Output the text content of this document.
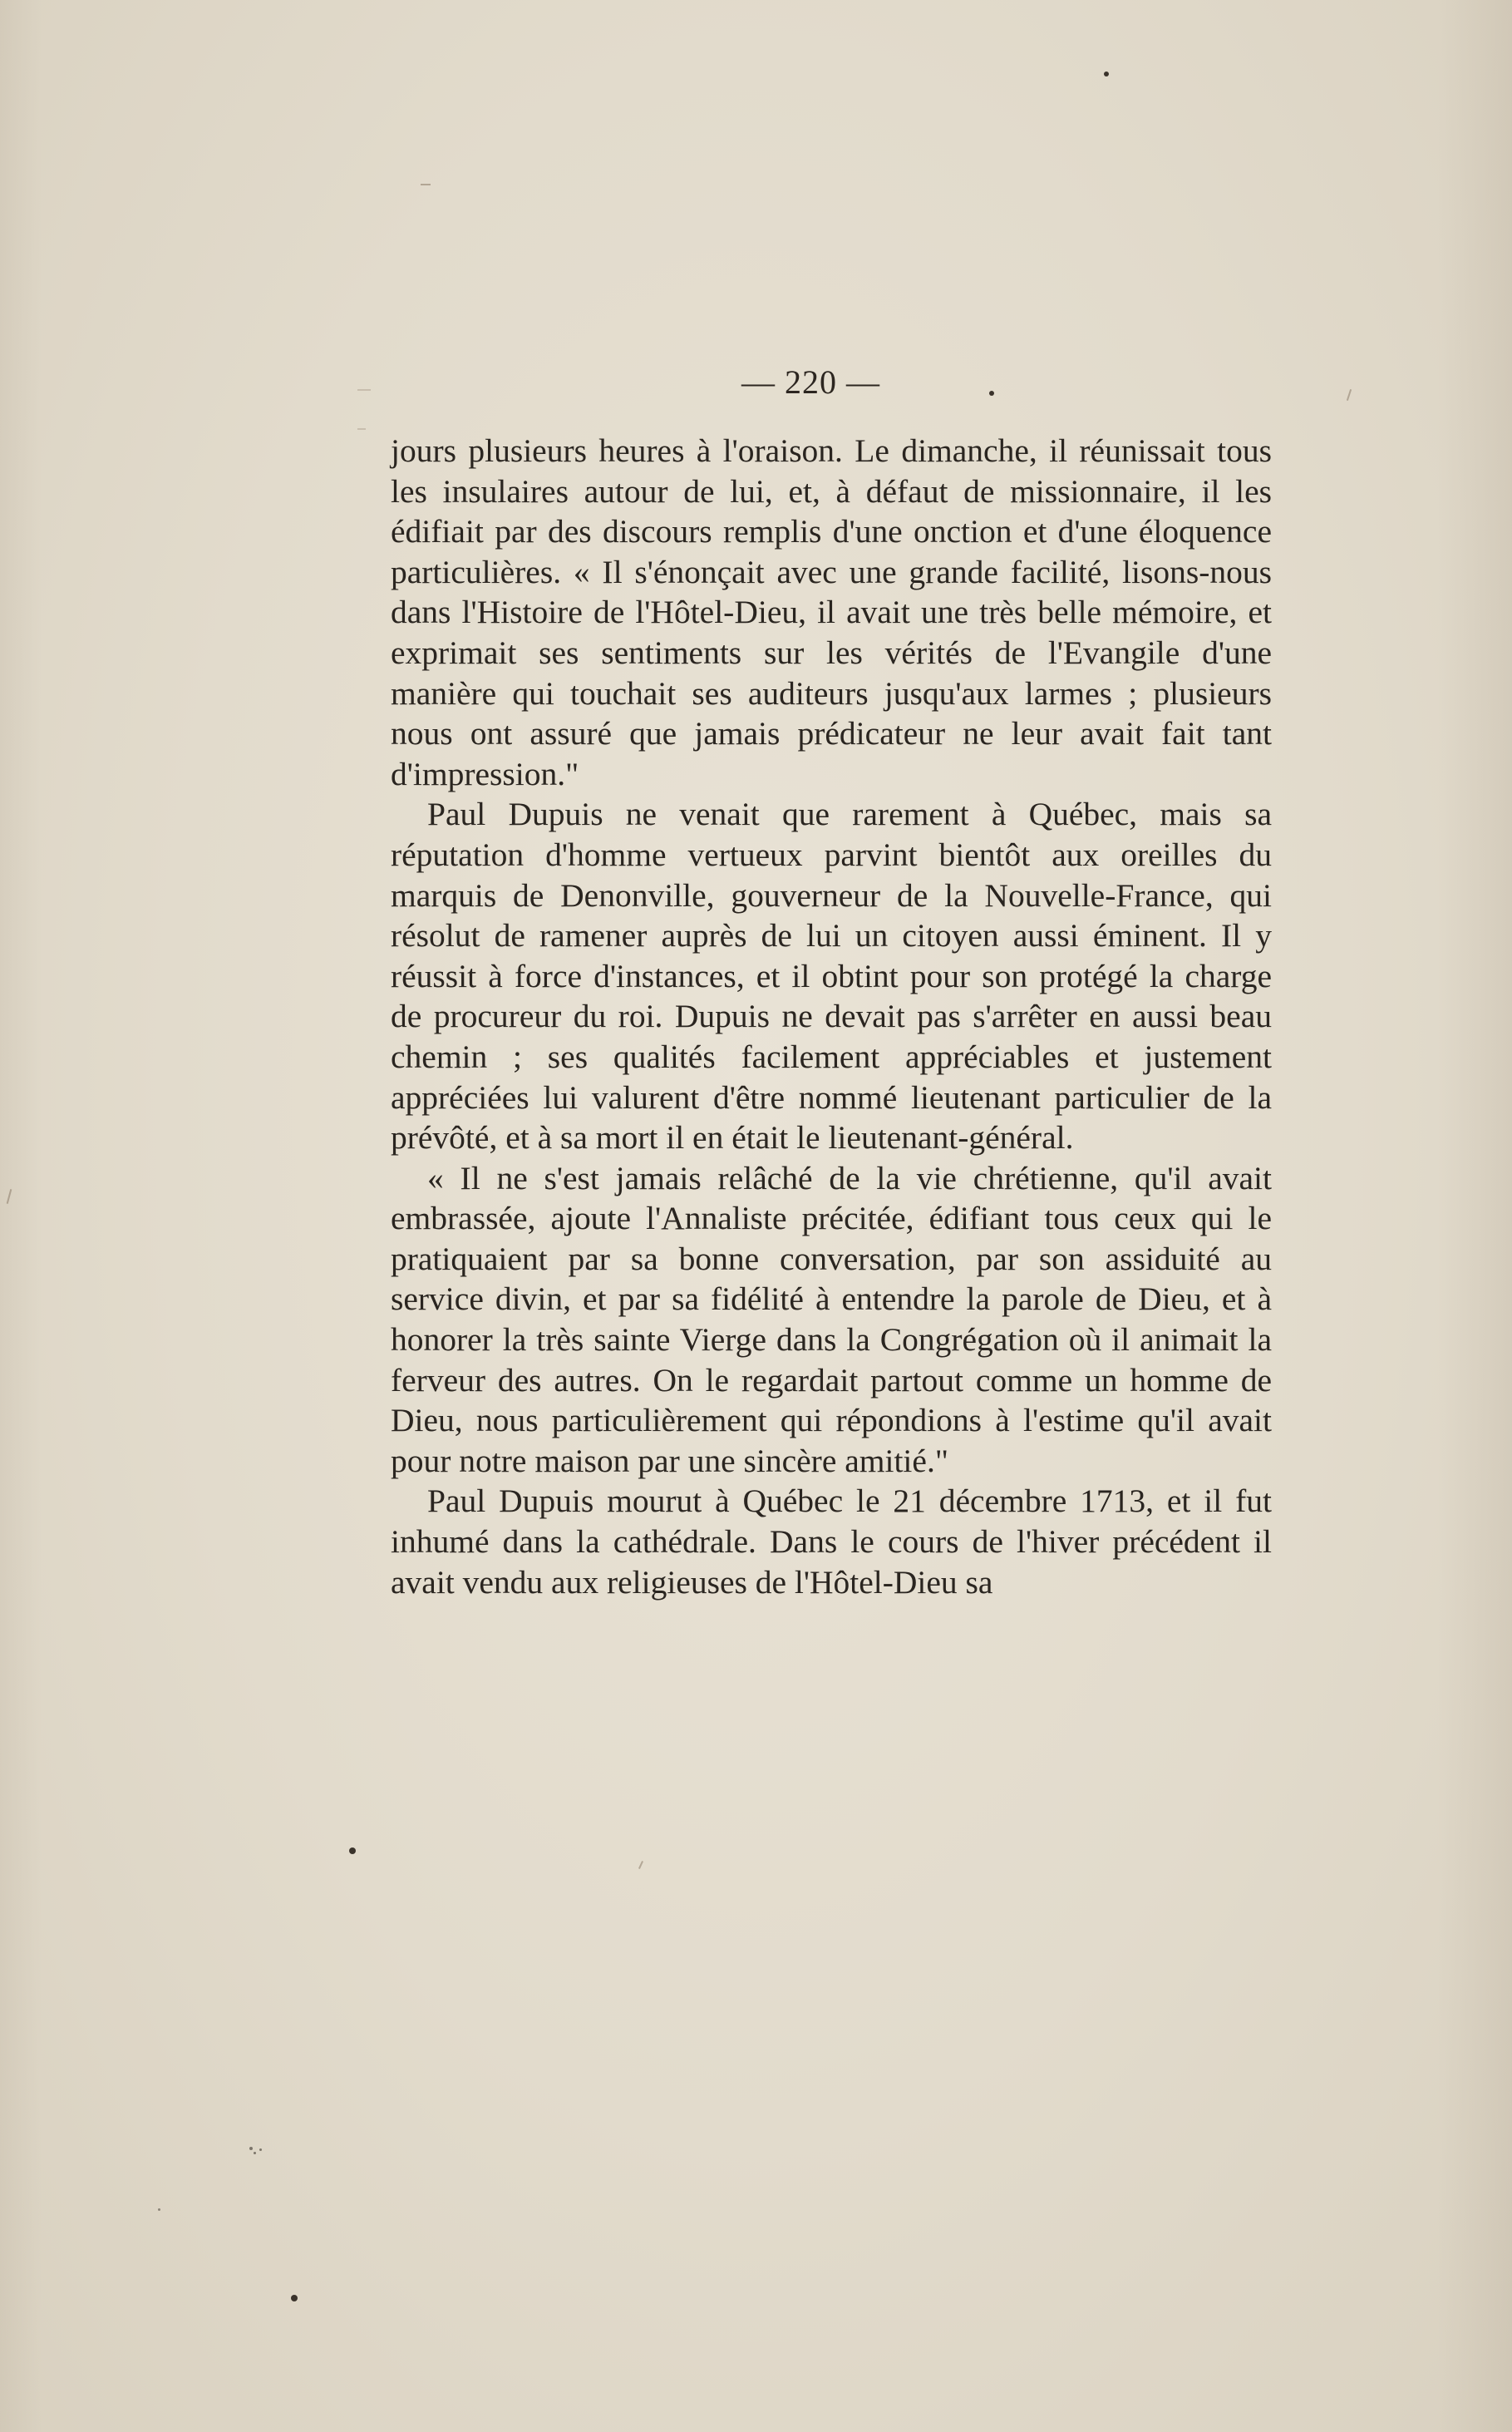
— 220 —

jours plusieurs heures à l'oraison. Le dimanche, il réunissait tous les insulaires autour de lui, et, à défaut de missionnaire, il les édifiait par des discours remplis d'une onction et d'une éloquence particulières. « Il s'énonçait avec une grande facilité, lisons-nous dans l'Histoire de l'Hôtel-Dieu, il avait une très belle mémoire, et exprimait ses sentiments sur les vérités de l'Evangile d'une manière qui touchait ses auditeurs jusqu'aux larmes ; plusieurs nous ont assuré que jamais prédicateur ne leur avait fait tant d'impression."

Paul Dupuis ne venait que rarement à Québec, mais sa réputation d'homme vertueux parvint bientôt aux oreilles du marquis de Denonville, gouverneur de la Nouvelle-France, qui résolut de ramener auprès de lui un citoyen aussi éminent. Il y réussit à force d'instances, et il obtint pour son protégé la charge de procureur du roi. Dupuis ne devait pas s'arrêter en aussi beau chemin ; ses qualités facilement appréciables et justement appréciées lui valurent d'être nommé lieutenant particulier de la prévôté, et à sa mort il en était le lieutenant-général.

« Il ne s'est jamais relâché de la vie chrétienne, qu'il avait embrassée, ajoute l'Annaliste précitée, édifiant tous ceux qui le pratiquaient par sa bonne conversation, par son assiduité au service divin, et par sa fidélité à entendre la parole de Dieu, et à honorer la très sainte Vierge dans la Congrégation où il animait la ferveur des autres. On le regardait partout comme un homme de Dieu, nous particulièrement qui répondions à l'estime qu'il avait pour notre maison par une sincère amitié."

Paul Dupuis mourut à Québec le 21 décembre 1713, et il fut inhumé dans la cathédrale. Dans le cours de l'hiver précédent il avait vendu aux religieuses de l'Hôtel-Dieu sa
